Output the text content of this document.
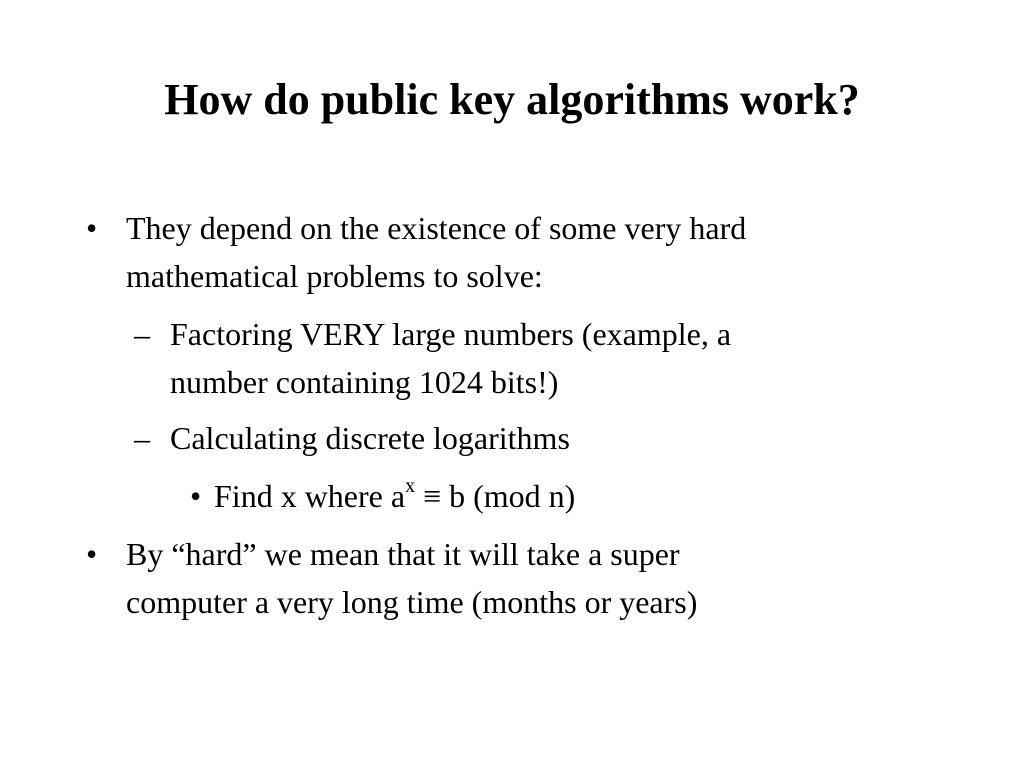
How do public key algorithms work?
• They depend on the existence of some very hard
mathematical problems to solve:
– Factoring VERY large numbers (example, a
number containing 1024 bits!)
– Calculating discrete logarithms
• Find x where $a^x \equiv b$ (mod n)
• By “hard” we mean that it will take a super
computer a very long time (months or years)
